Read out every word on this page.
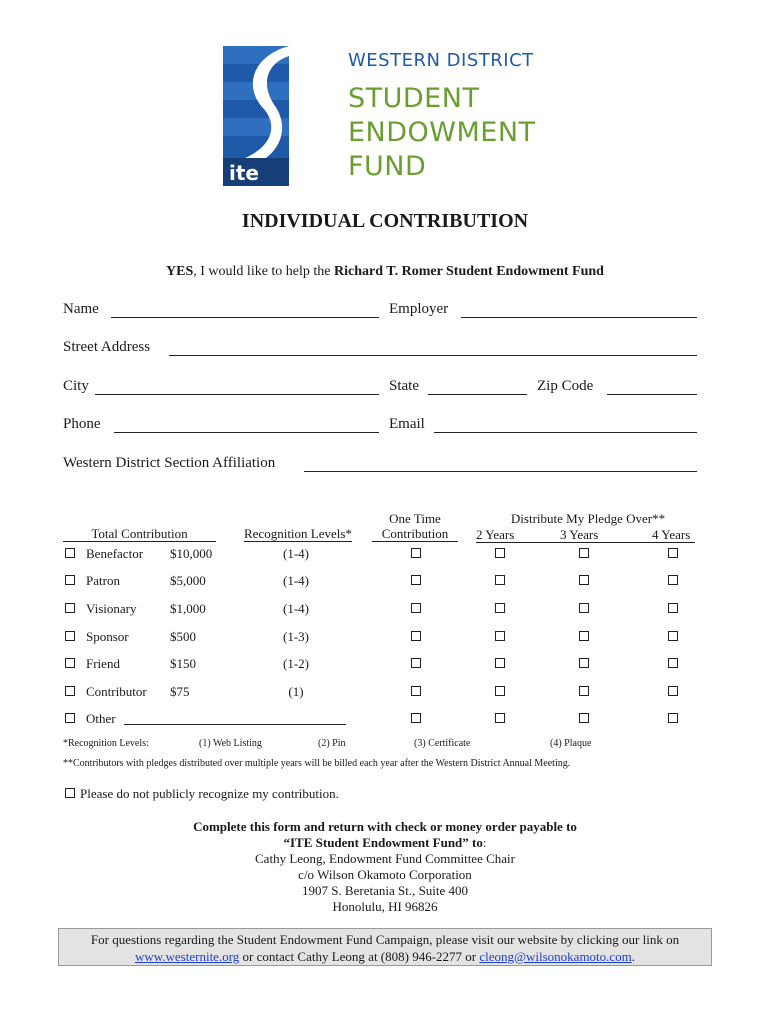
ite
WESTERN DISTRICT
STUDENT
ENDOWMENT
FUND
INDIVIDUAL CONTRIBUTION
YES, I would like to help the Richard T. Romer Student Endowment Fund
Name	Employer
Street Address
City	State	Zip Code
Phone	Email
Western District Section Affiliation
Total Contribution	Recognition Levels*
One Time
Contribution
Distribute My Pledge Over**
2 Years	3 Years	4 Years
Benefactor $10,000	(1-4)
Patron	$5,000	(1-4)
Visionary	$1,000	(1-4)
Sponsor	$500	(1-3)
Friend	$150	(1-2)
Contributor $75	(1)
Other
*Recognition Levels:	(1) Web Listing	(2) Pin	(3) Certificate	(4) Plaque
**Contributors with pledges distributed over multiple years will be billed each year after the Western District Annual Meeting.
Please do not publicly recognize my contribution.
Complete this form and return with check or money order payable to
“ITE Student Endowment Fund” to:
Cathy Leong, Endowment Fund Committee Chair
c/o Wilson Okamoto Corporation
1907 S. Beretania St., Suite 400
Honolulu, HI 96826
For questions regarding the Student Endowment Fund Campaign, please visit our website by clicking our link on
www.westernite.org or contact Cathy Leong at (808) 946-2277 or cleong@wilsonokamoto.com.
